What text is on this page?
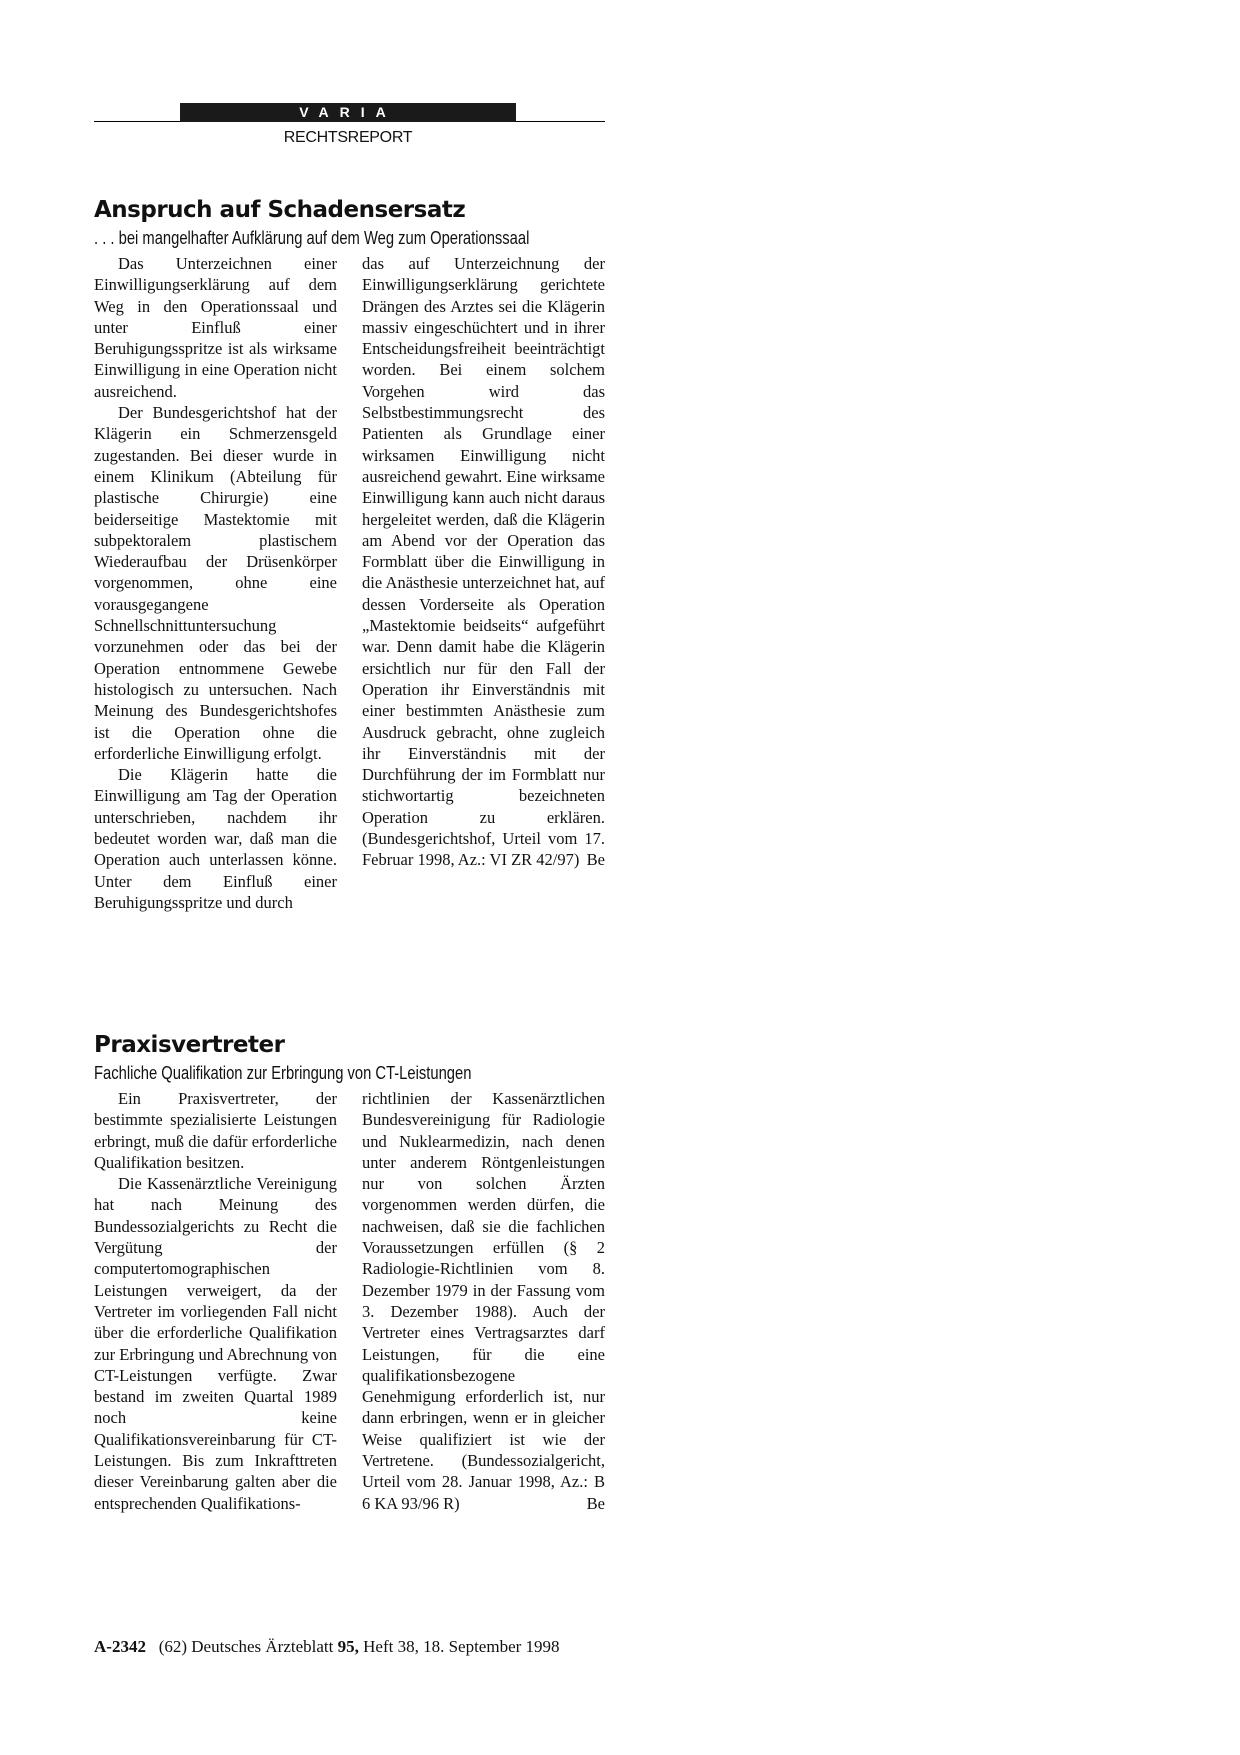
VARIA
RECHTSREPORT
Anspruch auf Schadensersatz
. . . bei mangelhafter Aufklärung auf dem Weg zum Operationssaal

Das Unterzeichnen einer Einwilligungserklärung auf dem Weg in den Operationssaal und unter Einfluß einer Beruhigungsspritze ist als wirksame Einwilligung in eine Operation nicht ausreichend.

Der Bundesgerichtshof hat der Klägerin ein Schmerzensgeld zugestanden. Bei dieser wurde in einem Klinikum (Abteilung für plastische Chirurgie) eine beiderseitige Mastektomie mit subpektoralem plastischem Wiederaufbau der Drüsenkörper vorgenommen, ohne eine vorausgegangene Schnellschnittuntersuchung vorzunehmen oder das bei der Operation entnommene Gewebe histologisch zu untersuchen. Nach Meinung des Bundesgerichtshofes ist die Operation ohne die erforderliche Einwilligung erfolgt.

Die Klägerin hatte die Einwilligung am Tag der Operation unterschrieben, nachdem ihr bedeutet worden war, daß man die Operation auch unterlassen könne. Unter dem Einfluß einer Beruhigungsspritze und durch

das auf Unterzeichnung der Einwilligungserklärung gerichtete Drängen des Arztes sei die Klägerin massiv eingeschüchtert und in ihrer Entscheidungsfreiheit beeinträchtigt worden. Bei einem solchem Vorgehen wird das Selbstbestimmungsrecht des Patienten als Grundlage einer wirksamen Einwilligung nicht ausreichend gewahrt. Eine wirksame Einwilligung kann auch nicht daraus hergeleitet werden, daß die Klägerin am Abend vor der Operation das Formblatt über die Einwilligung in die Anästhesie unterzeichnet hat, auf dessen Vorderseite als Operation „Mastektomie beidseits“ aufgeführt war. Denn damit habe die Klägerin ersichtlich nur für den Fall der Operation ihr Einverständnis mit einer bestimmten Anästhesie zum Ausdruck gebracht, ohne zugleich ihr Einverständnis mit der Durchführung der im Formblatt nur stichwortartig bezeichneten Operation zu erklären. (Bundesgerichtshof, Urteil vom 17. Februar 1998, Az.: VI ZR 42/97) Be

Praxisvertreter
Fachliche Qualifikation zur Erbringung von CT-Leistungen

Ein Praxisvertreter, der bestimmte spezialisierte Leistungen erbringt, muß die dafür erforderliche Qualifikation besitzen.

Die Kassenärztliche Vereinigung hat nach Meinung des Bundessozialgerichts zu Recht die Vergütung der computertomographischen Leistungen verweigert, da der Vertreter im vorliegenden Fall nicht über die erforderliche Qualifikation zur Erbringung und Abrechnung von CT-Leistungen verfügte. Zwar bestand im zweiten Quartal 1989 noch keine Qualifikationsvereinbarung für CT-Leistungen. Bis zum Inkrafttreten dieser Vereinbarung galten aber die entsprechenden Qualifikations-

richtlinien der Kassenärztlichen Bundesvereinigung für Radiologie und Nuklearmedizin, nach denen unter anderem Röntgenleistungen nur von solchen Ärzten vorgenommen werden dürfen, die nachweisen, daß sie die fachlichen Voraussetzungen erfüllen (§ 2 Radiologie-Richtlinien vom 8. Dezember 1979 in der Fassung vom 3. Dezember 1988). Auch der Vertreter eines Vertragsarztes darf Leistungen, für die eine qualifikationsbezogene Genehmigung erforderlich ist, nur dann erbringen, wenn er in gleicher Weise qualifiziert ist wie der Vertretene. (Bundessozialgericht, Urteil vom 28. Januar 1998, Az.: B 6 KA 93/96 R)	Be

A-2342 (62) Deutsches Ärzteblatt 95, Heft 38, 18. September 1998
